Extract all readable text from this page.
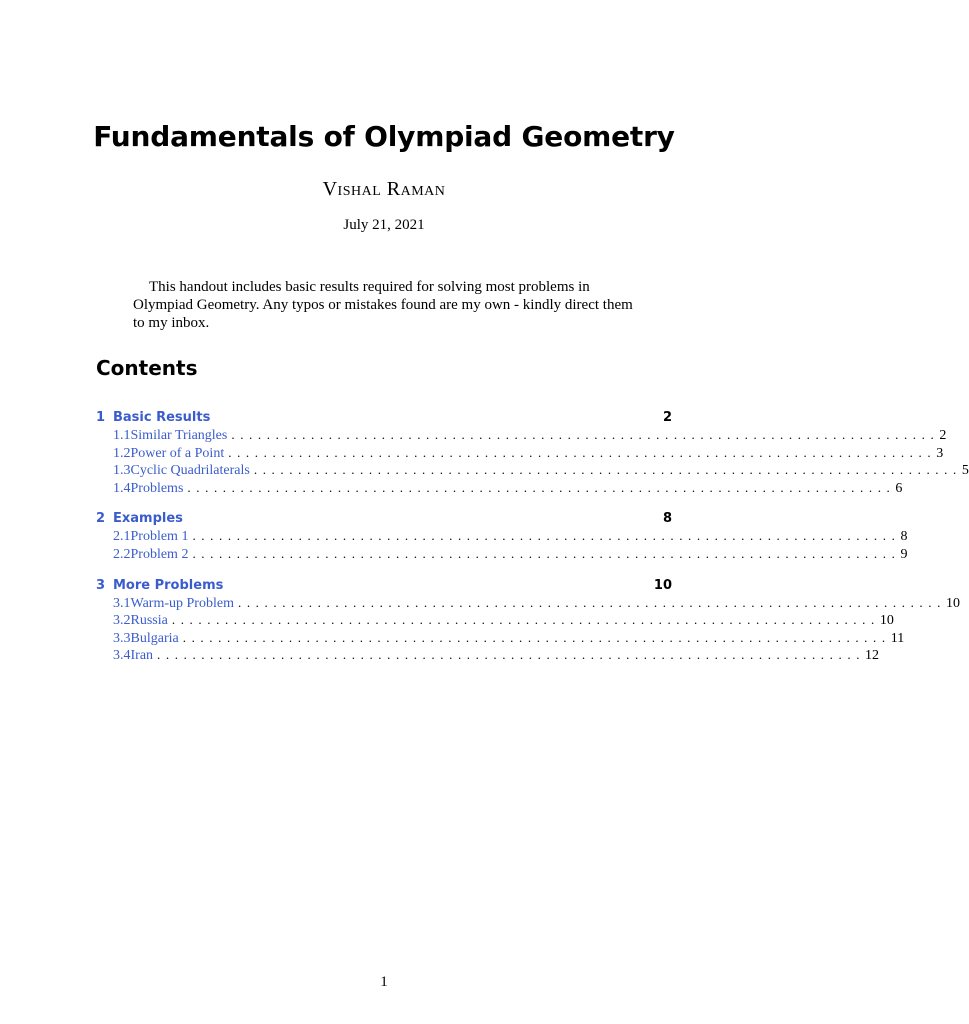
Fundamentals of Olympiad Geometry
Vishal Raman
July 21, 2021
This handout includes basic results required for solving most problems in Olympiad Geometry. Any typos or mistakes found are my own - kindly direct them to my inbox.
Contents
1 Basic Results	2
1.1 Similar Triangles ................................................................................ 2
1.2 Power of a Point ................................................................................ 3
1.3 Cyclic Quadrilaterals ................................................................................ 5
1.4 Problems ................................................................................ 6
2 Examples	8
2.1 Problem 1 ................................................................................ 8
2.2 Problem 2 ................................................................................ 9
3 More Problems	10
3.1 Warm-up Problem ................................................................................ 10
3.2 Russia ................................................................................ 10
3.3 Bulgaria ................................................................................ 11
3.4 Iran ................................................................................ 12
1
